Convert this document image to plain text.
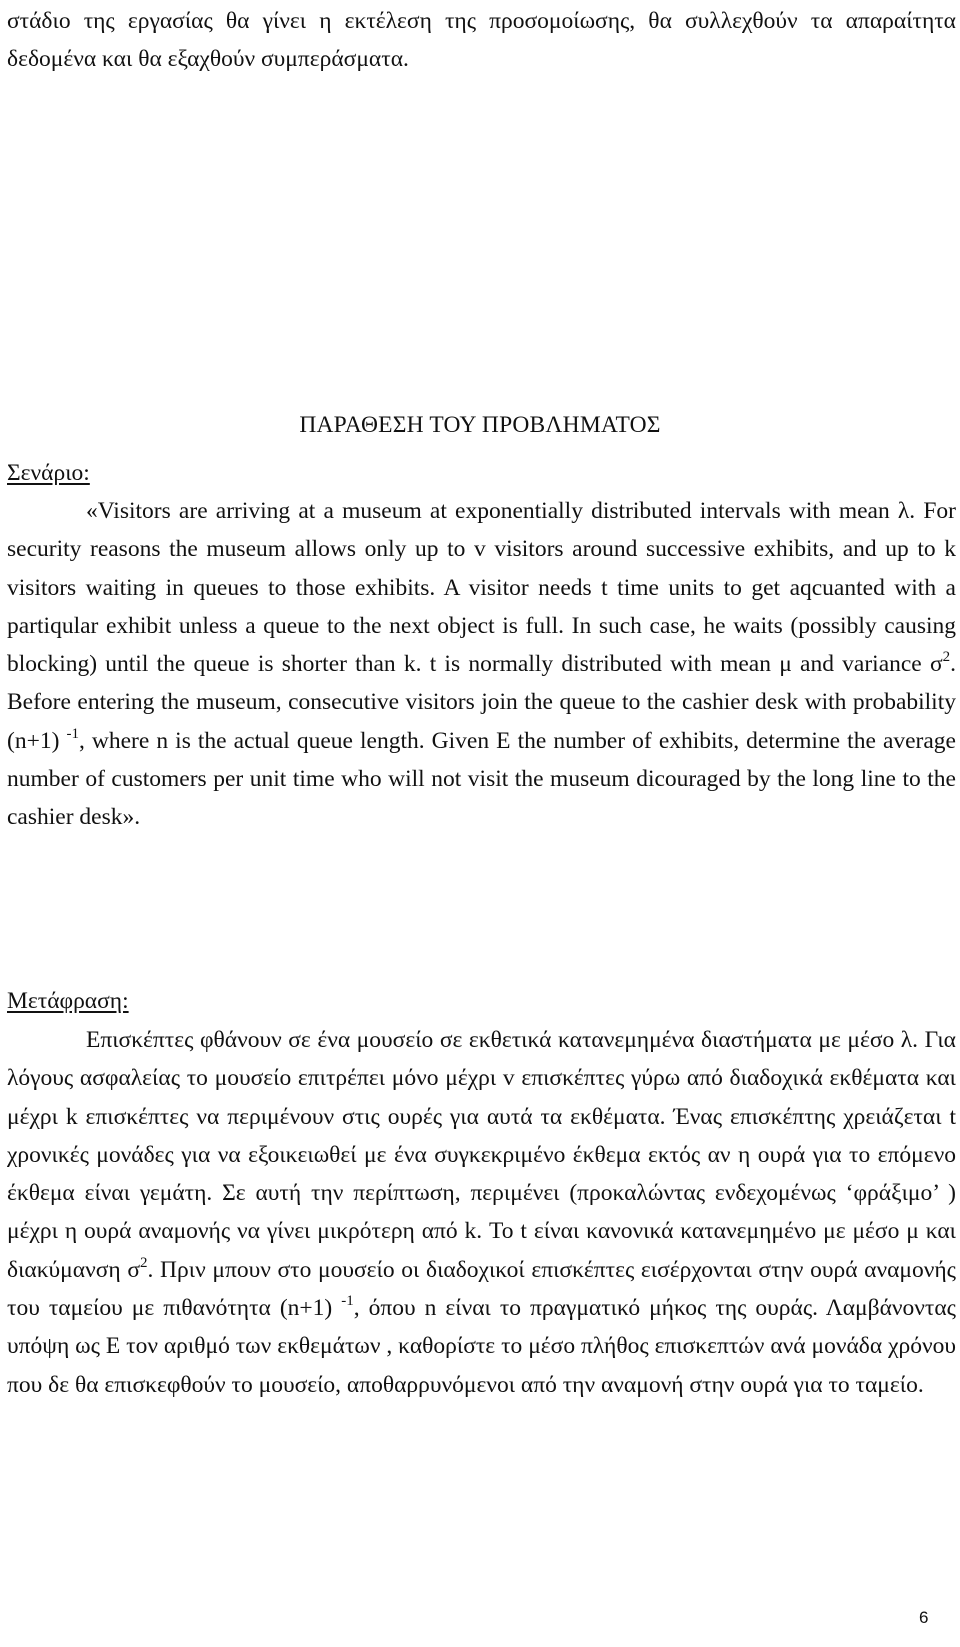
στάδιο της εργασίας θα γίνει η εκτέλεση της προσομοίωσης, θα συλλεχθούν τα απαραίτητα δεδομένα και θα εξαχθούν συμπεράσματα.

ΠΑΡΑΘΕΣΗ ΤΟΥ ΠΡΟΒΛΗΜΑΤΟΣ
Σενάριο:

«Visitors are arriving at a museum at exponentially distributed intervals with mean λ. For security reasons the museum allows only up to v visitors around successive exhibits, and up to k visitors waiting in queues to those exhibits. A visitor needs t time units to get aqcuanted with a partiqular exhibit unless a queue to the next object is full. In such case, he waits (possibly causing blocking) until the queue is shorter than k. t is normally distributed with mean μ and variance $\sigma^2$. Before entering the museum, consecutive visitors join the queue to the cashier desk with probability (n+1) $^{-1}$, where n is the actual queue length. Given E the number of exhibits, determine the average number of customers per unit time who will not visit the museum dicouraged by the long line to the cashier desk».

Μετάφραση:

Επισκέπτες φθάνουν σε ένα μουσείο σε εκθετικά κατανεμημένα διαστήματα με μέσο λ. Για λόγους ασφαλείας το μουσείο επιτρέπει μόνο μέχρι v επισκέπτες γύρω από διαδοχικά εκθέματα και μέχρι k επισκέπτες να περιμένουν στις ουρές για αυτά τα εκθέματα. Ένας επισκέπτης χρειάζεται t χρονικές μονάδες για να εξοικειωθεί με ένα συγκεκριμένο έκθεμα εκτός αν η ουρά για το επόμενο έκθεμα είναι γεμάτη. Σε αυτή την περίπτωση, περιμένει (προκαλώντας ενδεχομένως ‘φράξιμο’ ) μέχρι η ουρά αναμονής να γίνει μικρότερη από k. Το t είναι κανονικά κατανεμημένο με μέσο μ και διακύμανση $\sigma^2$. Πριν μπουν στο μουσείο οι διαδοχικοί επισκέπτες εισέρχονται στην ουρά αναμονής του ταμείου με πιθανότητα (n+1) $^{-1}$, όπου n είναι το πραγματικό μήκος της ουράς. Λαμβάνοντας υπόψη ως Ε τον αριθμό των εκθεμάτων , καθορίστε το μέσο πλήθος επισκεπτών ανά μονάδα χρόνου που δε θα επισκεφθούν το μουσείο, αποθαρρυνόμενοι από την αναμονή στην ουρά για το ταμείο.

6
